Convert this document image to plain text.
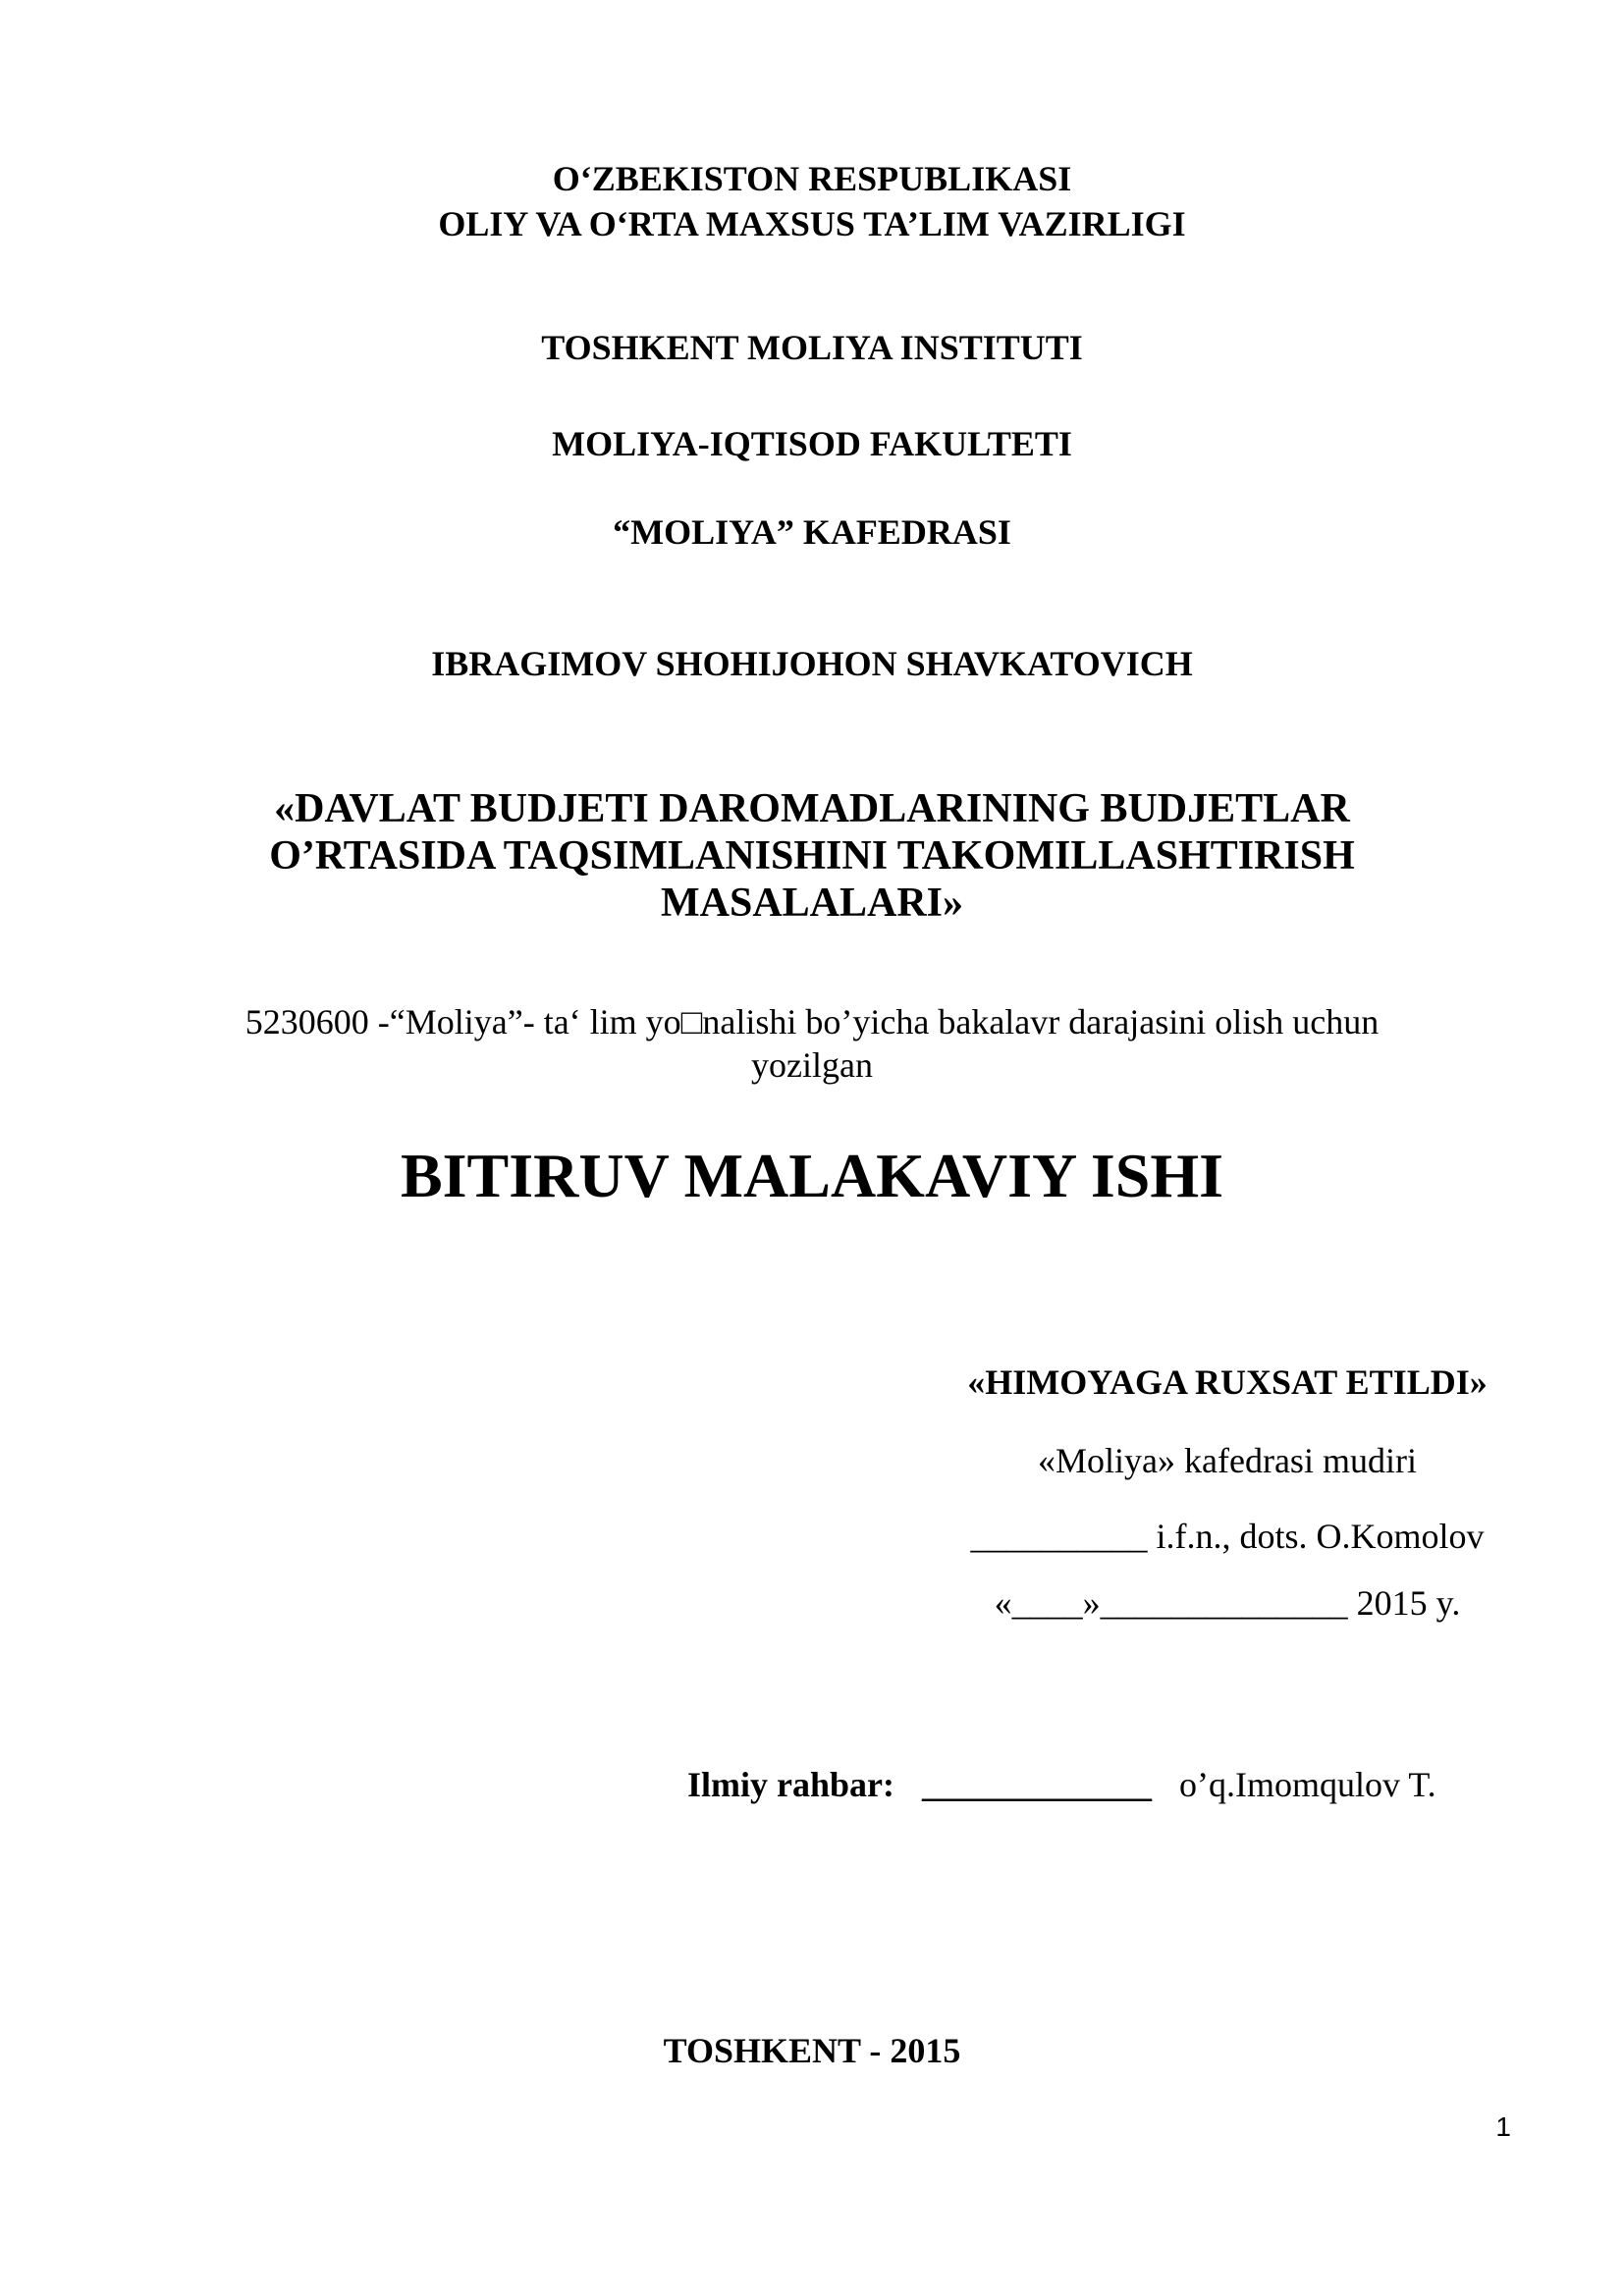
O‘ZBEKISTON RESPUBLIKASI
OLIY VA O‘RTA MAXSUS TA’LIM VAZIRLIGI
TOSHKENT MOLIYA INSTITUTI
MOLIYA-IQTISOD FAKULTETI
“MOLIYA” KAFEDRASI
IBRAGIMOV SHOHIJOHON SHAVKATOVICH
«DAVLAT BUDJETI DAROMADLARINING BUDJETLAR
O’RTASIDA TAQSIMLANISHINI TAKOMILLASHTIRISH
MASALALARI»
5230600 -“Moliya”- ta‘ lim yo□nalishi bo’yicha bakalavr darajasini olish uchun
yozilgan
BITIRUV MALAKAVIY ISHI
«HIMOYAGA RUXSAT ETILDI»
«Moliya» kafedrasi mudiri
__________ i.f.n., dots. O.Komolov
«____»______________ 2015 y.
Ilmiy rahbar: _____________ o’q.Imomqulov T.
TOSHKENT - 2015
1
